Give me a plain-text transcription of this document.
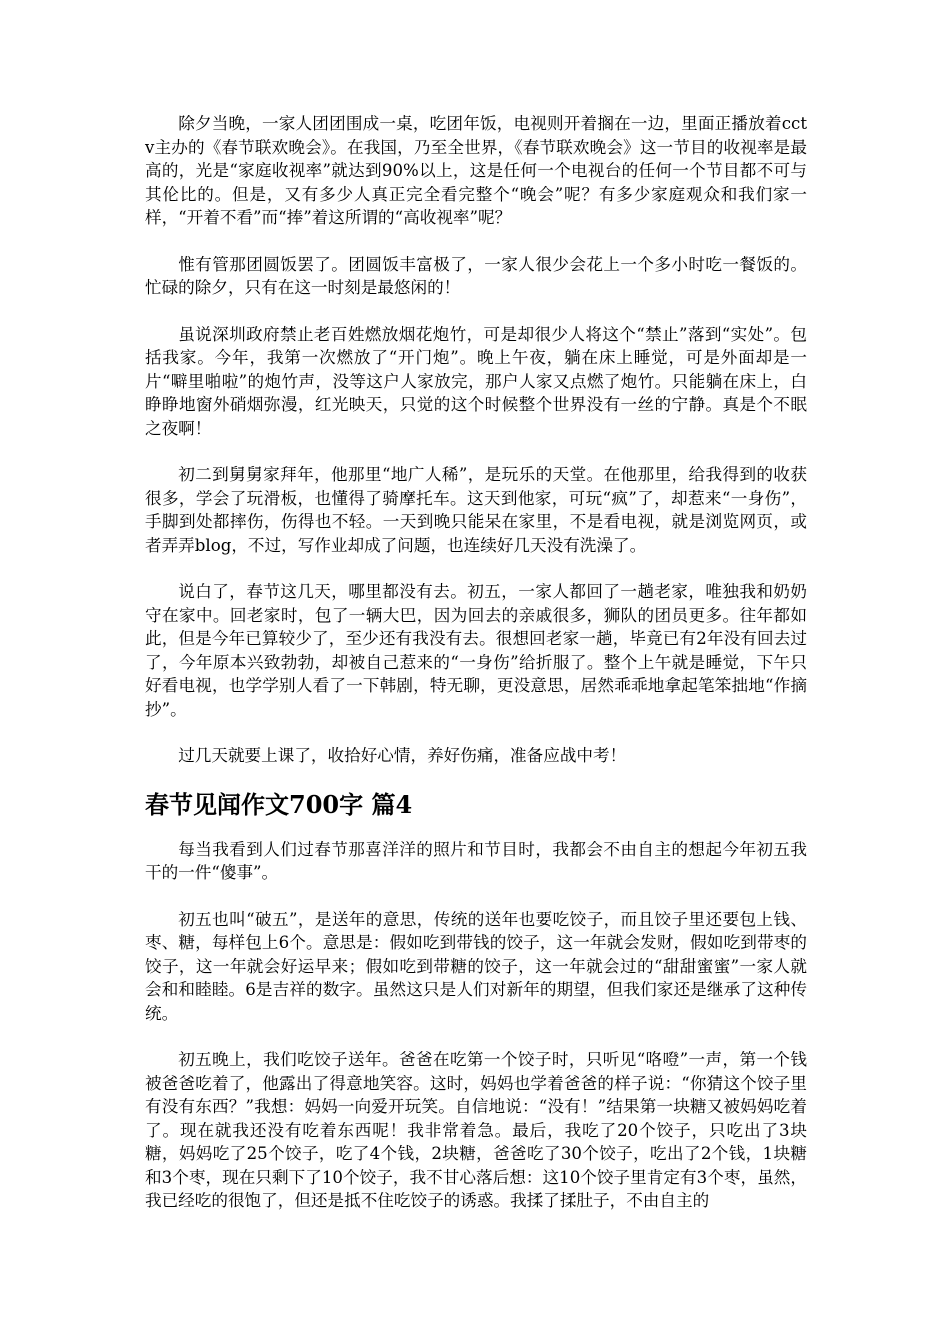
除夕当晚，一家人团团围成一桌，吃团年饭，电视则开着搁在一边，里面正播放着cctv主办的《春节联欢晚会》。在我国，乃至全世界，《春节联欢晚会》这一节目的收视率是最高的，光是“家庭收视率”就达到90%以上，这是任何一个电视台的任何一个节目都不可与其伦比的。但是，又有多少人真正完全看完整个“晚会”呢？有多少家庭观众和我们家一样，“开着不看”而“捧”着这所谓的“高收视率”呢？

惟有管那团圆饭罢了。团圆饭丰富极了，一家人很少会花上一个多小时吃一餐饭的。忙碌的除夕，只有在这一时刻是最悠闲的！

虽说深圳政府禁止老百姓燃放烟花炮竹，可是却很少人将这个“禁止”落到“实处”。包括我家。今年，我第一次燃放了“开门炮”。晚上午夜，躺在床上睡觉，可是外面却是一片“噼里啪啦”的炮竹声，没等这户人家放完，那户人家又点燃了炮竹。只能躺在床上，白睁睁地窗外硝烟弥漫，红光映天，只觉的这个时候整个世界没有一丝的宁静。真是个不眠之夜啊！

初二到舅舅家拜年，他那里“地广人稀”，是玩乐的天堂。在他那里，给我得到的收获很多，学会了玩滑板，也懂得了骑摩托车。这天到他家，可玩“疯”了，却惹来“一身伤”，手脚到处都摔伤，伤得也不轻。一天到晚只能呆在家里，不是看电视，就是浏览网页，或者弄弄blog，不过，写作业却成了问题，也连续好几天没有洗澡了。

说白了，春节这几天，哪里都没有去。初五，一家人都回了一趟老家，唯独我和奶奶守在家中。回老家时，包了一辆大巴，因为回去的亲戚很多，狮队的团员更多。往年都如此，但是今年已算较少了，至少还有我没有去。很想回老家一趟，毕竟已有2年没有回去过了，今年原本兴致勃勃，却被自己惹来的“一身伤”给折服了。整个上午就是睡觉，下午只好看电视，也学学别人看了一下韩剧，特无聊，更没意思，居然乖乖地拿起笔笨拙地“作摘抄”。

过几天就要上课了，收拾好心情，养好伤痛，准备应战中考！

春节见闻作文700字 篇4

每当我看到人们过春节那喜洋洋的照片和节目时，我都会不由自主的想起今年初五我干的一件“傻事”。

初五也叫“破五”，是送年的意思，传统的送年也要吃饺子，而且饺子里还要包上钱、枣、糖，每样包上6个。意思是：假如吃到带钱的饺子，这一年就会发财，假如吃到带枣的饺子，这一年就会好运早来；假如吃到带糖的饺子，这一年就会过的“甜甜蜜蜜”一家人就会和和睦睦。6是吉祥的数字。虽然这只是人们对新年的期望，但我们家还是继承了这种传统。

初五晚上，我们吃饺子送年。爸爸在吃第一个饺子时，只听见“咯噔”一声，第一个钱被爸爸吃着了，他露出了得意地笑容。这时，妈妈也学着爸爸的样子说：“你猜这个饺子里有没有东西？”我想：妈妈一向爱开玩笑。自信地说：“没有！”结果第一块糖又被妈妈吃着了。现在就我还没有吃着东西呢！我非常着急。最后，我吃了20个饺子，只吃出了3块糖，妈妈吃了25个饺子，吃了4个钱，2块糖，爸爸吃了30个饺子，吃出了2个钱，1块糖和3个枣，现在只剩下了10个饺子，我不甘心落后想：这10个饺子里肯定有3个枣，虽然，我已经吃的很饱了，但还是抵不住吃饺子的诱惑。我揉了揉肚子，不由自主的
